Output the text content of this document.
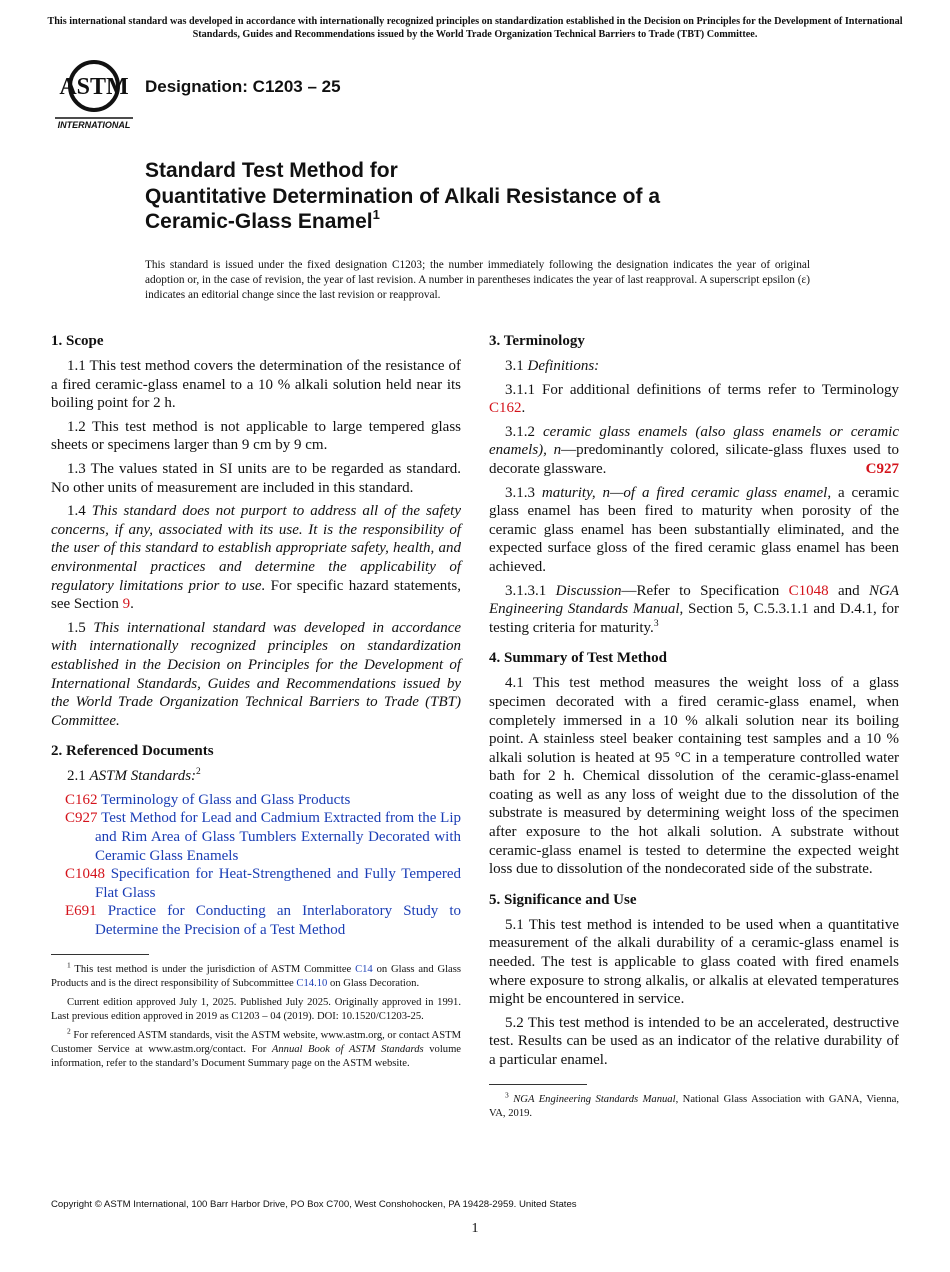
This international standard was developed in accordance with internationally recognized principles on standardization established in the Decision on Principles for the Development of International Standards, Guides and Recommendations issued by the World Trade Organization Technical Barriers to Trade (TBT) Committee.
ASTM
INTERNATIONAL
Designation: C1203 – 25
Standard Test Method for
Quantitative Determination of Alkali Resistance of a
Ceramic-Glass Enamel$^1$
This standard is issued under the fixed designation C1203; the number immediately following the designation indicates the year of original adoption or, in the case of revision, the year of last revision. A number in parentheses indicates the year of last reapproval. A superscript epsilon (ε) indicates an editorial change since the last revision or reapproval.
1. Scope

1.1 This test method covers the determination of the resistance of a fired ceramic-glass enamel to a 10 % alkali solution held near its boiling point for 2 h.

1.2 This test method is not applicable to large tempered glass sheets or specimens larger than 9 cm by 9 cm.

1.3 The values stated in SI units are to be regarded as standard. No other units of measurement are included in this standard.

1.4 This standard does not purport to address all of the safety concerns, if any, associated with its use. It is the responsibility of the user of this standard to establish appropriate safety, health, and environmental practices and determine the applicability of regulatory limitations prior to use. For specific hazard statements, see Section 9.

1.5 This international standard was developed in accordance with internationally recognized principles on standardization established in the Decision on Principles for the Development of International Standards, Guides and Recommendations issued by the World Trade Organization Technical Barriers to Trade (TBT) Committee.

2. Referenced Documents

2.1 ASTM Standards:$^2$

C162 Terminology of Glass and Glass Products

C927 Test Method for Lead and Cadmium Extracted from the Lip and Rim Area of Glass Tumblers Externally Decorated with Ceramic Glass Enamels

C1048 Specification for Heat-Strengthened and Fully Tempered Flat Glass

E691 Practice for Conducting an Interlaboratory Study to Determine the Precision of a Test Method

$^1$ This test method is under the jurisdiction of ASTM Committee C14 on Glass and Glass Products and is the direct responsibility of Subcommittee C14.10 on Glass Decoration.

Current edition approved July 1, 2025. Published July 2025. Originally approved in 1991. Last previous edition approved in 2019 as C1203 – 04 (2019). DOI: 10.1520/C1203-25.

$^2$ For referenced ASTM standards, visit the ASTM website, www.astm.org, or contact ASTM Customer Service at www.astm.org/contact. For Annual Book of ASTM Standards volume information, refer to the standard’s Document Summary page on the ASTM website.

3. Terminology

3.1 Definitions:

3.1.1 For additional definitions of terms refer to Terminology C162.

3.1.2 ceramic glass enamels (also glass enamels or ceramic enamels), n—predominantly colored, silicate-glass fluxes used to decorate glassware.	C927

3.1.3 maturity, n—of a fired ceramic glass enamel, a ceramic glass enamel has been fired to maturity when porosity of the ceramic glass enamel has been substantially eliminated, and the expected surface gloss of the fired ceramic glass enamel has been achieved.

3.1.3.1 Discussion—Refer to Specification C1048 and NGA Engineering Standards Manual, Section 5, C.5.3.1.1 and D.4.1, for testing criteria for maturity.$^3$

4. Summary of Test Method

4.1 This test method measures the weight loss of a glass specimen decorated with a fired ceramic-glass enamel, when completely immersed in a 10 % alkali solution near its boiling point. A stainless steel beaker containing test samples and a 10 % alkali solution is heated at 95 °C in a temperature controlled water bath for 2 h. Chemical dissolution of the ceramic-glass-enamel coating as well as any loss of weight due to the dissolution of the substrate is measured by determining weight loss of the specimen after exposure to the hot alkali solution. A substrate without ceramic-glass enamel is tested to determine the expected weight loss due to dissolution of the nondecorated side of the substrate.

5. Significance and Use

5.1 This test method is intended to be used when a quantitative measurement of the alkali durability of a ceramic-glass enamel is needed. The test is applicable to glass coated with fired enamels where exposure to strong alkalis, or alkalis at elevated temperatures might be encountered in service.

5.2 This test method is intended to be an accelerated, destructive test. Results can be used as an indicator of the relative durability of a particular enamel.

$^3$ NGA Engineering Standards Manual, National Glass Association with GANA, Vienna, VA, 2019.

Copyright © ASTM International, 100 Barr Harbor Drive, PO Box C700, West Conshohocken, PA 19428-2959. United States
1
